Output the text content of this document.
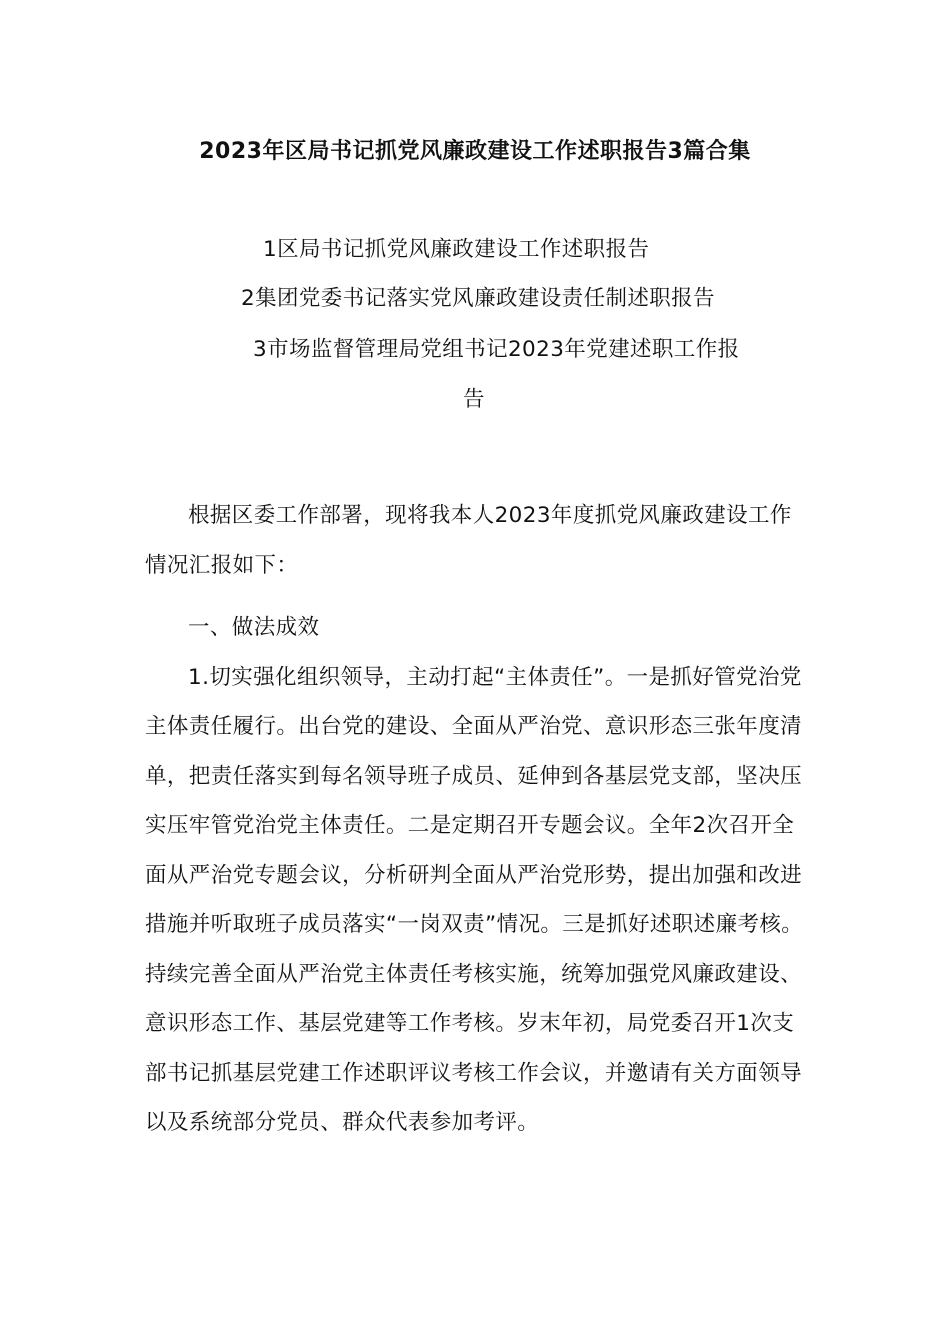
2023年区局书记抓党风廉政建设工作述职报告3篇合集
1区局书记抓党风廉政建设工作述职报告
2集团党委书记落实党风廉政建设责任制述职报告
3市场监督管理局党组书记2023年党建述职工作报
告

根据区委工作部署，现将我本人2023年度抓党风廉政建设工作情况汇报如下：

一、做法成效

1.切实强化组织领导，主动打起“主体责任”。一是抓好管党治党主体责任履行。出台党的建设、全面从严治党、意识形态三张年度清单，把责任落实到每名领导班子成员、延伸到各基层党支部，坚决压实压牢管党治党主体责任。二是定期召开专题会议。全年2次召开全面从严治党专题会议，分析研判全面从严治党形势，提出加强和改进措施并听取班子成员落实“一岗双责”情况。三是抓好述职述廉考核。持续完善全面从严治党主体责任考核实施，统筹加强党风廉政建设、意识形态工作、基层党建等工作考核。岁末年初，局党委召开1次支部书记抓基层党建工作述职评议考核工作会议，并邀请有关方面领导以及系统部分党员、群众代表参加考评。
